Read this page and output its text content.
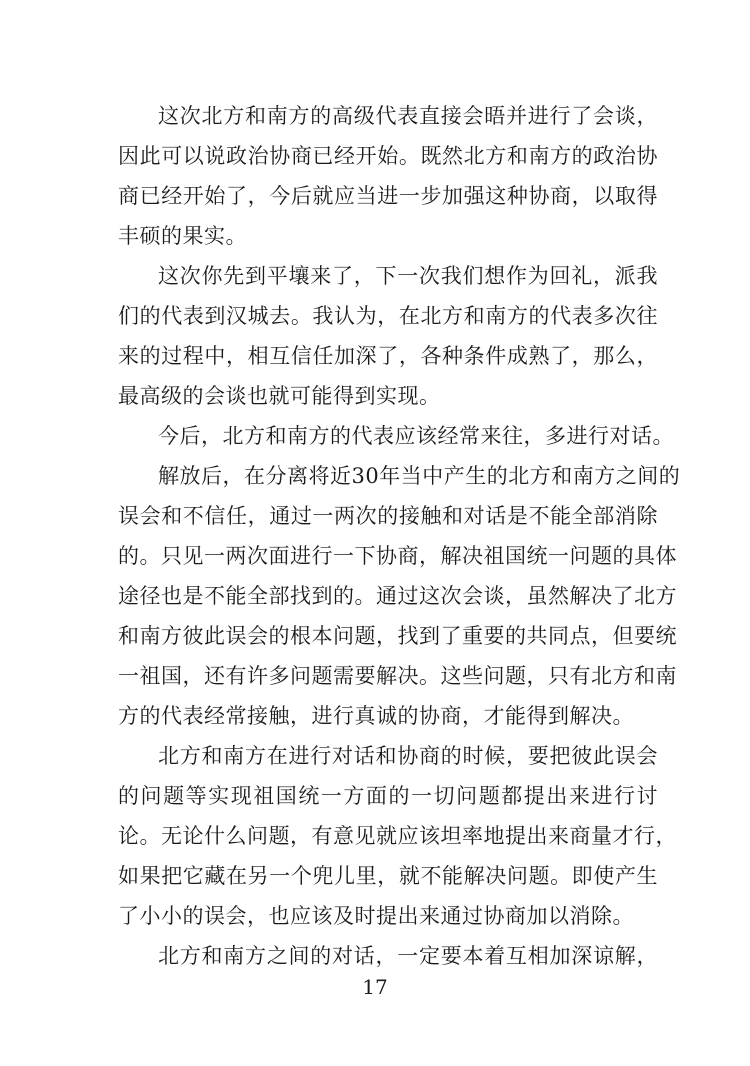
这次北方和南方的高级代表直接会晤并进行了会谈，
因此可以说政治协商已经开始。既然北方和南方的政治协
商已经开始了，今后就应当进一步加强这种协商，以取得
丰硕的果实。
这次你先到平壤来了，下一次我们想作为回礼，派我
们的代表到汉城去。我认为，在北方和南方的代表多次往
来的过程中，相互信任加深了，各种条件成熟了，那么，
最高级的会谈也就可能得到实现。
今后，北方和南方的代表应该经常来往，多进行对话。
解放后，在分离将近30年当中产生的北方和南方之间的
误会和不信任，通过一两次的接触和对话是不能全部消除
的。只见一两次面进行一下协商，解决祖国统一问题的具体
途径也是不能全部找到的。通过这次会谈，虽然解决了北方
和南方彼此误会的根本问题，找到了重要的共同点，但要统
一祖国，还有许多问题需要解决。这些问题，只有北方和南
方的代表经常接触，进行真诚的协商，才能得到解决。
北方和南方在进行对话和协商的时候，要把彼此误会
的问题等实现祖国统一方面的一切问题都提出来进行讨
论。无论什么问题，有意见就应该坦率地提出来商量才行，
如果把它藏在另一个兜儿里，就不能解决问题。即使产生
了小小的误会，也应该及时提出来通过协商加以消除。
北方和南方之间的对话，一定要本着互相加深谅解，
17
